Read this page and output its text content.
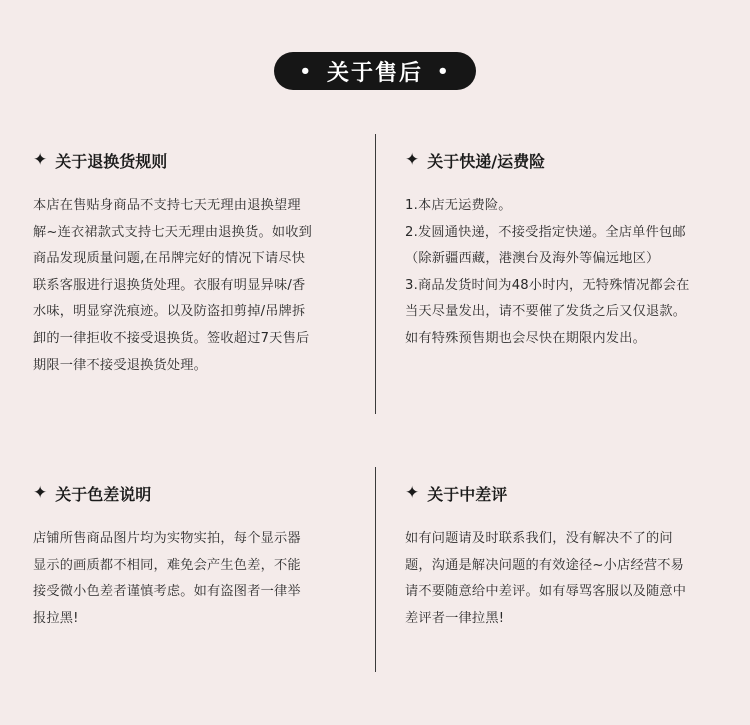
• 关于售后 •
✦ 关于退换货规则

本店在售贴身商品不支持七天无理由退换望理

解~连衣裙款式支持七天无理由退换货。如收到

商品发现质量问题,在吊牌完好的情况下请尽快

联系客服进行退换货处理。衣服有明显异味/香

水味，明显穿洗痕迹。以及防盗扣剪掉/吊牌拆

卸的一律拒收不接受退换货。签收超过7天售后

期限一律不接受退换货处理。

✦ 关于快递/运费险

1.本店无运费险。

2.发圆通快递，不接受指定快递。全店单件包邮

（除新疆西藏，港澳台及海外等偏远地区）

3.商品发货时间为48小时内，无特殊情况都会在

当天尽量发出，请不要催了发货之后又仅退款。

如有特殊预售期也会尽快在期限内发出。

✦ 关于色差说明

店铺所售商品图片均为实物实拍，每个显示器

显示的画质都不相同，难免会产生色差，不能

接受微小色差者谨慎考虑。如有盗图者一律举

报拉黑!

✦ 关于中差评

如有问题请及时联系我们，没有解决不了的问

题，沟通是解决问题的有效途径~小店经营不易

请不要随意给中差评。如有辱骂客服以及随意中

差评者一律拉黑!
